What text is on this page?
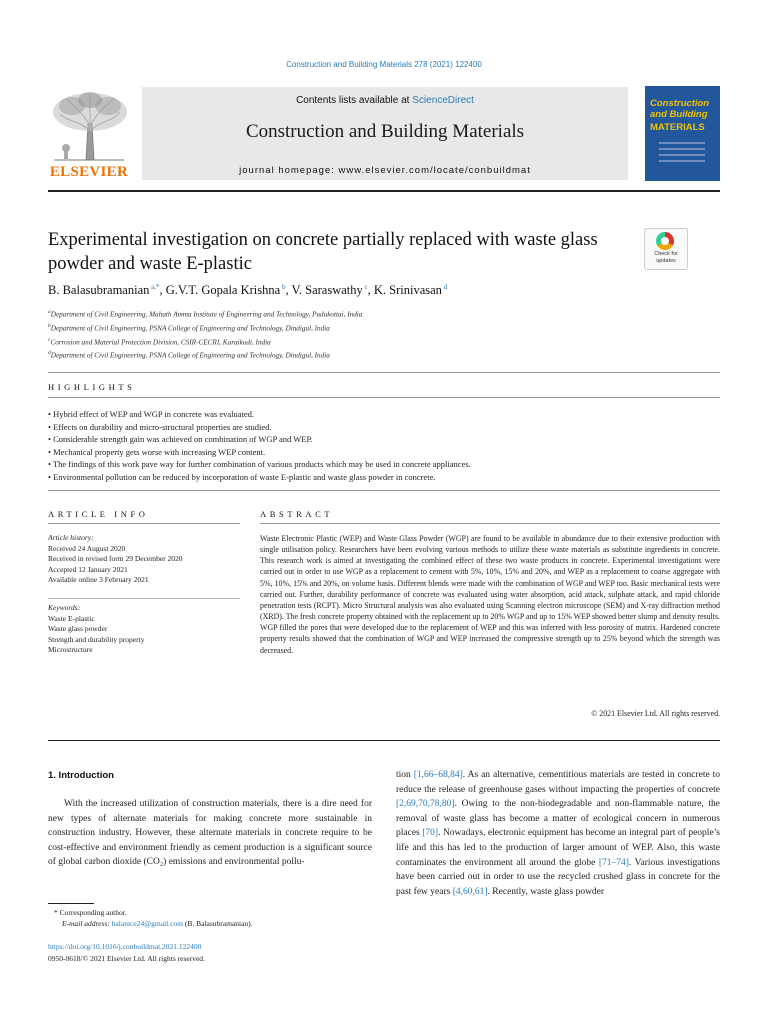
Construction and Building Materials 278 (2021) 122400
ELSEVIER
Contents lists available at ScienceDirect
Construction and Building Materials
journal homepage: www.elsevier.com/locate/conbuildmat
Construction and Building
MATERIALS
Experimental investigation on concrete partially replaced with waste glass powder and waste E-plastic	Check for updates
B. Balasubramanian $^{a,*}$, G.V.T. Gopala Krishna $^b$, V. Saraswathy $^c$, K. Srinivasan $^d$
$^a$Department of Civil Engineering, Mahath Amma Institute of Engineering and Technology, Pudukottai, India
$^b$Department of Civil Engineering, PSNA College of Engineering and Technology, Dindigul, India
$^c$Corrosion and Material Protection Division, CSIR-CECRI, Karaikudi, India
$^d$Department of Civil Engineering, PSNA College of Engineering and Technology, Dindigul, India
HIGHLIGHTS
• Hybrid effect of WEP and WGP in concrete was evaluated.
• Effects on durability and micro-structural properties are studied.
• Considerable strength gain was achieved on combination of WGP and WEP.
• Mechanical property gets worse with increasing WEP content.
• The findings of this work pave way for further combination of various products which may be used in concrete appliances.
• Environmental pollution can be reduced by incorporation of waste E-plastic and waste glass powder in concrete.
ARTICLE INFO	ABSTRACT
Article history:
Received 24 August 2020
Received in revised form 29 December 2020
Accepted 12 January 2021
Available online 3 February 2021
Keywords:
Waste E-plastic
Waste glass powder
Strength and durability property
Microstructure
Waste Electronic Plastic (WEP) and Waste Glass Powder (WGP) are found to be available in abundance due to their extensive production with single utilisation policy. Researchers have been evolving various methods to utilize these waste materials as substitute ingredients in concrete. This research work is aimed at investigating the combined effect of these two waste products in concrete. Experimental investigations were carried out in order to use WGP as a replacement to cement with 5%, 10%, 15% and 20%, and WEP as a replacement to coarse aggregate with 5%, 10%, 15% and 20%, on volume basis. Different blends were made with the combination of WGP and WEP too. Basic mechanical tests were carried out. Further, durability performance of concrete was evaluated using water absorption, acid attack, sulphate attack, and rapid chloride penetration tests (RCPT). Micro Structural analysis was also evaluated using Scanning electron microscope (SEM) and X-ray diffraction method (XRD). The fresh concrete property obtained with the replacement up to 20% WGP and up to 15% WEP showed better slump and density results. WGP filled the pores that were developed due to the replacement of WEP and this was inferred with less porosity of matrix. Hardened concrete property results showed that the combination of WGP and WEP increased the compressive strength up to 25% beyond which the strength was decreased.
© 2021 Elsevier Ltd. All rights reserved.
1. Introduction
With the increased utilization of construction materials, there is a dire need for new types of alternate materials for making concrete more sustainable in construction industry. However, these alternate materials in concrete require to be cost-effective and environment friendly as cement production is a significant source of global carbon dioxide (CO₂) emissions and environmental pollu-
tion [1,66–68,84]. As an alternative, cementitious materials are tested in concrete to reduce the release of greenhouse gases without impacting the properties of concrete [2,69,70,78,80]. Owing to the non-biodegradable and non-flammable nature, the removal of waste glass has become a matter of ecological concern in numerous places [70]. Nowadays, electronic equipment has become an integral part of people’s life and this has led to the production of larger amount of WEP. Also, this waste contaminates the environment all around the globe [71–74]. Various investigations have been carried out in order to use the recycled crushed glass in concrete for the past few years [4,60,61]. Recently, waste glass powder
* Corresponding author.
E-mail address: balanice24@gmail.com (B. Balasubramanian).
https://doi.org/10.1016/j.conbuildmat.2021.122400
0950-0618/© 2021 Elsevier Ltd. All rights reserved.
